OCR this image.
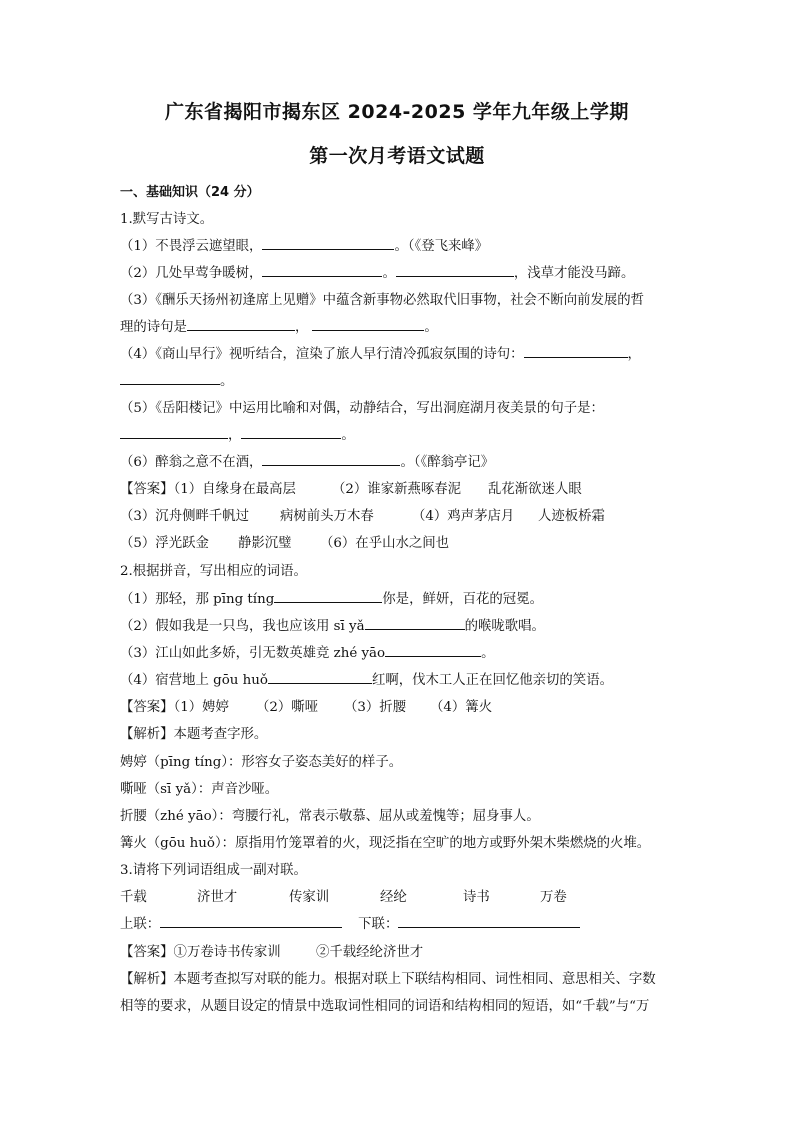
广东省揭阳市揭东区 2024-2025 学年九年级上学期
第一次月考语文试题
一、基础知识（24 分）
1.默写古诗文。
（1）不畏浮云遮望眼，	。（《登飞来峰》
（2）几处早莺争暖树，	。	，浅草才能没马蹄。
（3）《酬乐天扬州初逢席上见赠》中蕴含新事物必然取代旧事物，社会不断向前发展的哲
理的诗句是	，	。
（4）《商山早行》视听结合，渲染了旅人早行清冷孤寂氛围的诗句：	，
。
（5）《岳阳楼记》中运用比喻和对偶，动静结合，写出洞庭湖月夜美景的句子是：
，	。
（6）醉翁之意不在酒，	。（《醉翁亭记》
【答案】（1）自缘身在最高层	（2）谁家新燕啄春泥 乱花渐欲迷人眼
（3）沉舟侧畔千帆过 病树前头万木春	（4）鸡声茅店月 人迹板桥霜
（5）浮光跃金 静影沉璧 （6）在乎山水之间也
2.根据拼音，写出相应的词语。
（1）那轻，那 pīng tíng	你是，鲜妍，百花的冠冕。
（2）假如我是一只鸟，我也应该用 sī yǎ	的喉咙歌唱。
（3）江山如此多娇，引无数英雄竞 zhé yāo	。
（4）宿营地上 gōu huǒ	红啊，伐木工人正在回忆他亲切的笑语。
【答案】（1）娉婷 （2）嘶哑 （3）折腰 （4）篝火
【解析】本题考查字形。
娉婷（pīng tíng）：形容女子姿态美好的样子。
嘶哑（sī yǎ）：声音沙哑。
折腰（zhé yāo）：弯腰行礼，常表示敬慕、屈从或羞愧等；屈身事人。
篝火（gōu huǒ）：原指用竹笼罩着的火，现泛指在空旷的地方或野外架木柴燃烧的火堆。
3.请将下列词语组成一副对联。
千载	济世才	传家训	经纶	诗书	万卷
上联：	下联：
【答案】①万卷诗书传家训	②千载经纶济世才
【解析】本题考查拟写对联的能力。根据对联上下联结构相同、词性相同、意思相关、字数
相等的要求，从题目设定的情景中选取词性相同的词语和结构相同的短语，如“千载”与“万
